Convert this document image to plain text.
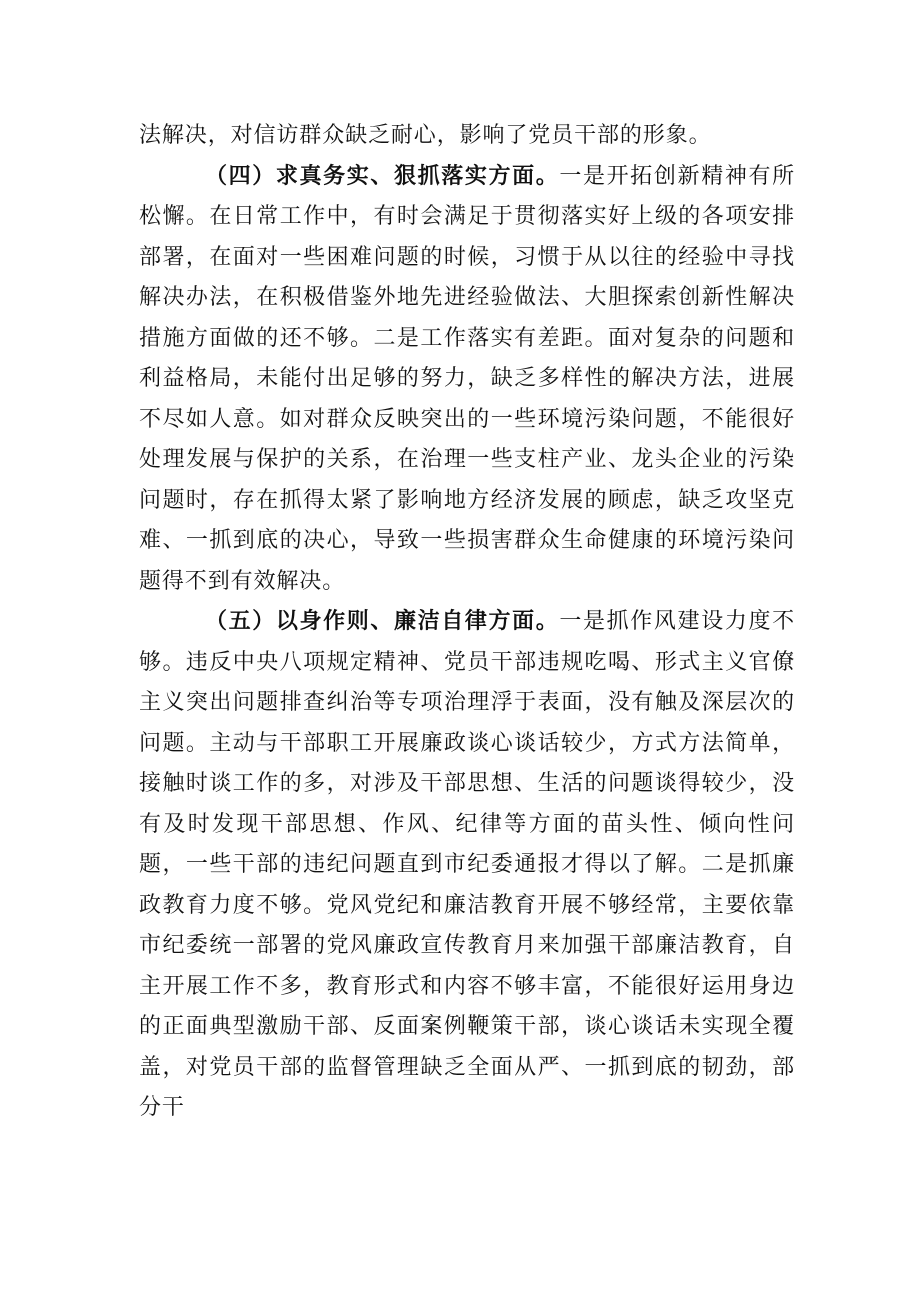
法解决，对信访群众缺乏耐心，影响了党员干部的形象。

（四）求真务实、狠抓落实方面。一是开拓创新精神有所松懈。在日常工作中，有时会满足于贯彻落实好上级的各项安排部署，在面对一些困难问题的时候，习惯于从以往的经验中寻找解决办法，在积极借鉴外地先进经验做法、大胆探索创新性解决措施方面做的还不够。二是工作落实有差距。面对复杂的问题和利益格局，未能付出足够的努力，缺乏多样性的解决方法，进展不尽如人意。如对群众反映突出的一些环境污染问题，不能很好处理发展与保护的关系，在治理一些支柱产业、龙头企业的污染问题时，存在抓得太紧了影响地方经济发展的顾虑，缺乏攻坚克难、一抓到底的决心，导致一些损害群众生命健康的环境污染问题得不到有效解决。

（五）以身作则、廉洁自律方面。一是抓作风建设力度不够。违反中央八项规定精神、党员干部违规吃喝、形式主义官僚主义突出问题排查纠治等专项治理浮于表面，没有触及深层次的问题。主动与干部职工开展廉政谈心谈话较少，方式方法简单，接触时谈工作的多，对涉及干部思想、生活的问题谈得较少，没有及时发现干部思想、作风、纪律等方面的苗头性、倾向性问题，一些干部的违纪问题直到市纪委通报才得以了解。二是抓廉政教育力度不够。党风党纪和廉洁教育开展不够经常，主要依靠市纪委统一部署的党风廉政宣传教育月来加强干部廉洁教育，自主开展工作不多，教育形式和内容不够丰富，不能很好运用身边的正面典型激励干部、反面案例鞭策干部，谈心谈话未实现全覆盖，对党员干部的监督管理缺乏全面从严、一抓到底的韧劲，部分干
